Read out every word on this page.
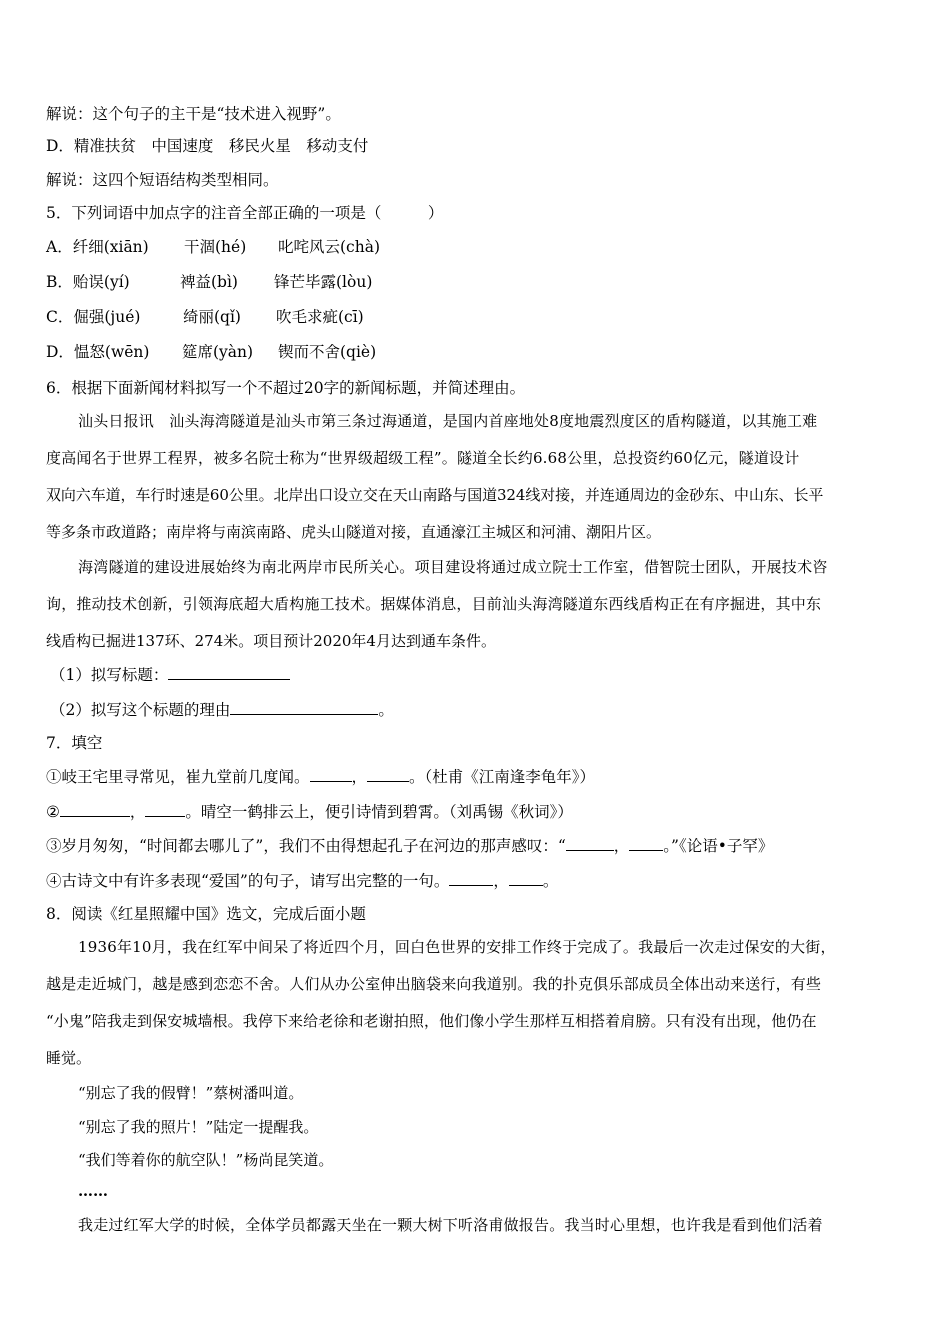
解说：这个句子的主干是“技术进入视野”。
D．精准扶贫　中国速度　移民火星　移动支付
解说：这四个短语结构类型相同。
5．下列词语中加点字的注音全部正确的一项是（　　　）
A．纤细(xiān) 干涸(hé) 叱咤风云(chà)
B．贻误(yí)	裨益(bì) 锋芒毕露(lòu)
C．倔强(jué)	绮丽(qǐ) 吹毛求疵(cī)
D．愠怒(wēn) 筵席(yàn) 锲而不舍(qiè)
6．根据下面新闻材料拟写一个不超过20字的新闻标题，并简述理由。
汕头日报讯　汕头海湾隧道是汕头市第三条过海通道，是国内首座地处8度地震烈度区的盾构隧道，以其施工难
度高闻名于世界工程界，被多名院士称为“世界级超级工程”。隧道全长约6.68公里，总投资约60亿元，隧道设计
双向六车道，车行时速是60公里。北岸出口设立交在天山南路与国道324线对接，并连通周边的金砂东、中山东、长平
等多条市政道路；南岸将与南滨南路、虎头山隧道对接，直通濠江主城区和河浦、潮阳片区。
海湾隧道的建设进展始终为南北两岸市民所关心。项目建设将通过成立院士工作室，借智院士团队，开展技术咨
询，推动技术创新，引领海底超大盾构施工技术。据媒体消息，目前汕头海湾隧道东西线盾构正在有序掘进，其中东
线盾构已掘进137环、274米。项目预计2020年4月达到通车条件。
（1）拟写标题：
（2）拟写这个标题的理由	。
7．填空
①岐王宅里寻常见，崔九堂前几度闻。	，	。（杜甫《江南逢李龟年》）
②	，	。晴空一鹤排云上，便引诗情到碧霄。（刘禹锡《秋词》）
③岁月匆匆，“时间都去哪儿了”，我们不由得想起孔子在河边的那声感叹：“	， 。”《论语•子罕》
④古诗文中有许多表现“爱国”的句子，请写出完整的一句。	， 。
8．阅读《红星照耀中国》选文，完成后面小题
1936年10月，我在红军中间呆了将近四个月，回白色世界的安排工作终于完成了。我最后一次走过保安的大街，
越是走近城门，越是感到恋恋不舍。人们从办公室伸出脑袋来向我道别。我的扑克俱乐部成员全体出动来送行，有些
“小鬼”陪我走到保安城墙根。我停下来给老徐和老谢拍照，他们像小学生那样互相搭着肩膀。只有没有出现，他仍在
睡觉。
“别忘了我的假臂！”蔡树潘叫道。
“别忘了我的照片！”陆定一提醒我。
“我们等着你的航空队！”杨尚昆笑道。
……
我走过红军大学的时候，全体学员都露天坐在一颗大树下听洛甫做报告。我当时心里想，也许我是看到他们活着
